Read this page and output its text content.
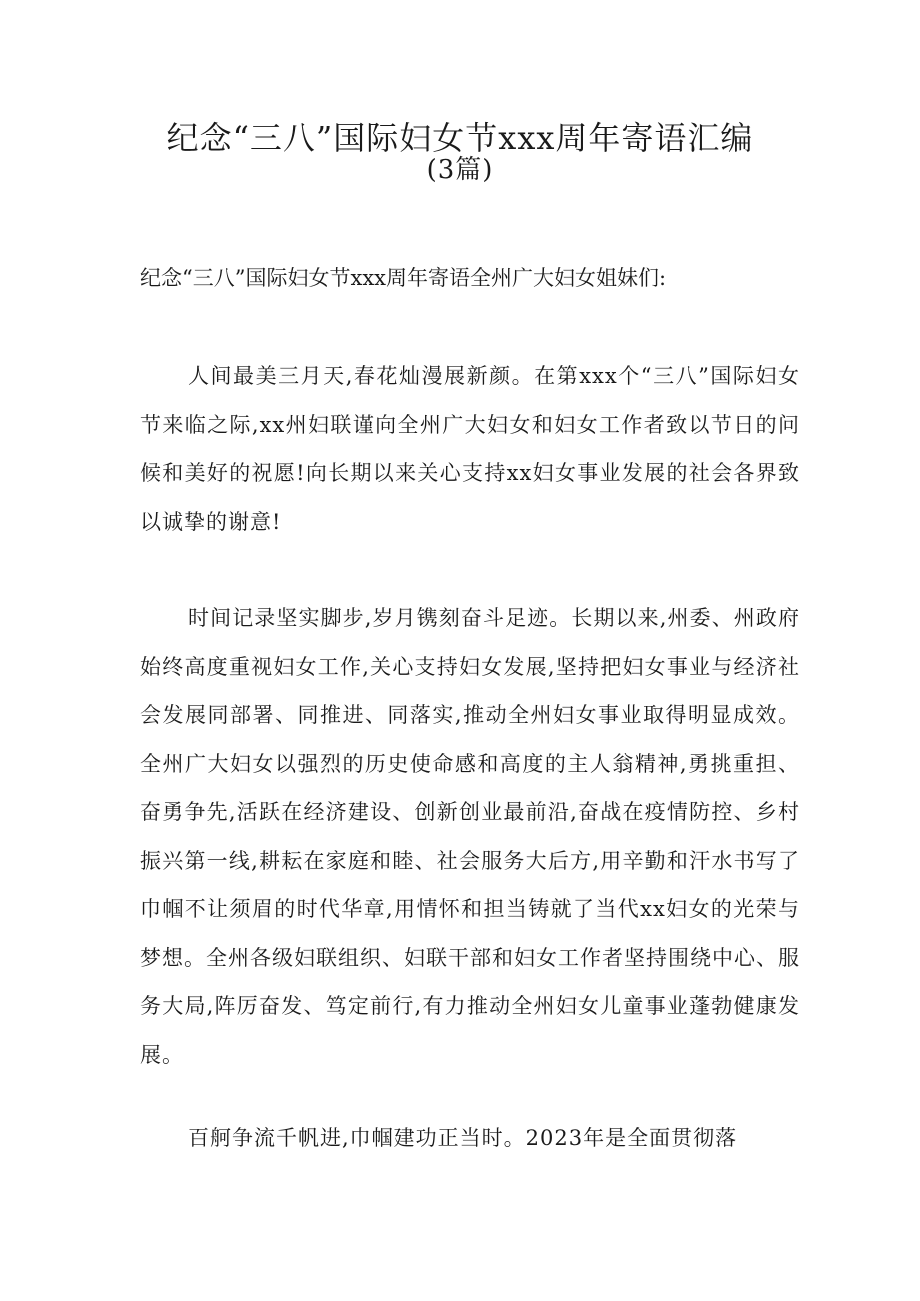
纪念“三八”国际妇女节xxx周年寄语汇编
(3篇)

纪念“三八”国际妇女节xxx周年寄语全州广大妇女姐妹们:

人间最美三月天,春花灿漫展新颜。在第xxx个“三八”国际妇女节来临之际,xx州妇联谨向全州广大妇女和妇女工作者致以节日的问候和美好的祝愿!向长期以来关心支持xx妇女事业发展的社会各界致以诚挚的谢意!

时间记录坚实脚步,岁月镌刻奋斗足迹。长期以来,州委、州政府始终高度重视妇女工作,关心支持妇女发展,坚持把妇女事业与经济社会发展同部署、同推进、同落实,推动全州妇女事业取得明显成效。全州广大妇女以强烈的历史使命感和高度的主人翁精神,勇挑重担、奋勇争先,活跃在经济建设、创新创业最前沿,奋战在疫情防控、乡村振兴第一线,耕耘在家庭和睦、社会服务大后方,用辛勤和汗水书写了巾帼不让须眉的时代华章,用情怀和担当铸就了当代xx妇女的光荣与梦想。全州各级妇联组织、妇联干部和妇女工作者坚持围绕中心、服务大局,阵厉奋发、笃定前行,有力推动全州妇女儿童事业蓬勃健康发展。

百舸争流千帆进,巾帼建功正当时。2023年是全面贯彻落
